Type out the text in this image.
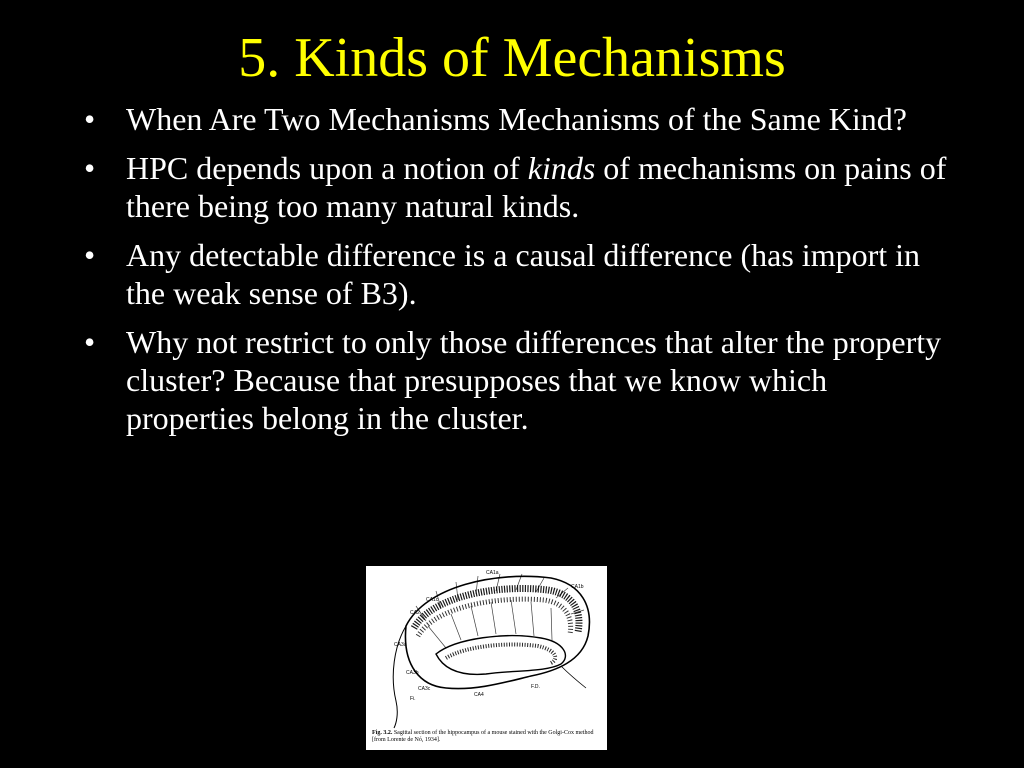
5. Kinds of Mechanisms
• When Are Two Mechanisms Mechanisms of the Same Kind?
• HPC depends upon a notion of kinds of mechanisms on pains of there being too many natural kinds.
• Any detectable difference is a causal difference (has import in the weak sense of B3).
• Why not restrict to only those differences that alter the property cluster? Because that presupposes that we know which properties belong in the cluster.
CA1a
CA1b
CA1c
CA2
CA3a
CA3b
CA3c
CA4
F.D.
Fi.
Fig. 3.2. Sagittal section of the hippocampus of a mouse stained with the Golgi-Cox method [from Lorente de Nó, 1934].
